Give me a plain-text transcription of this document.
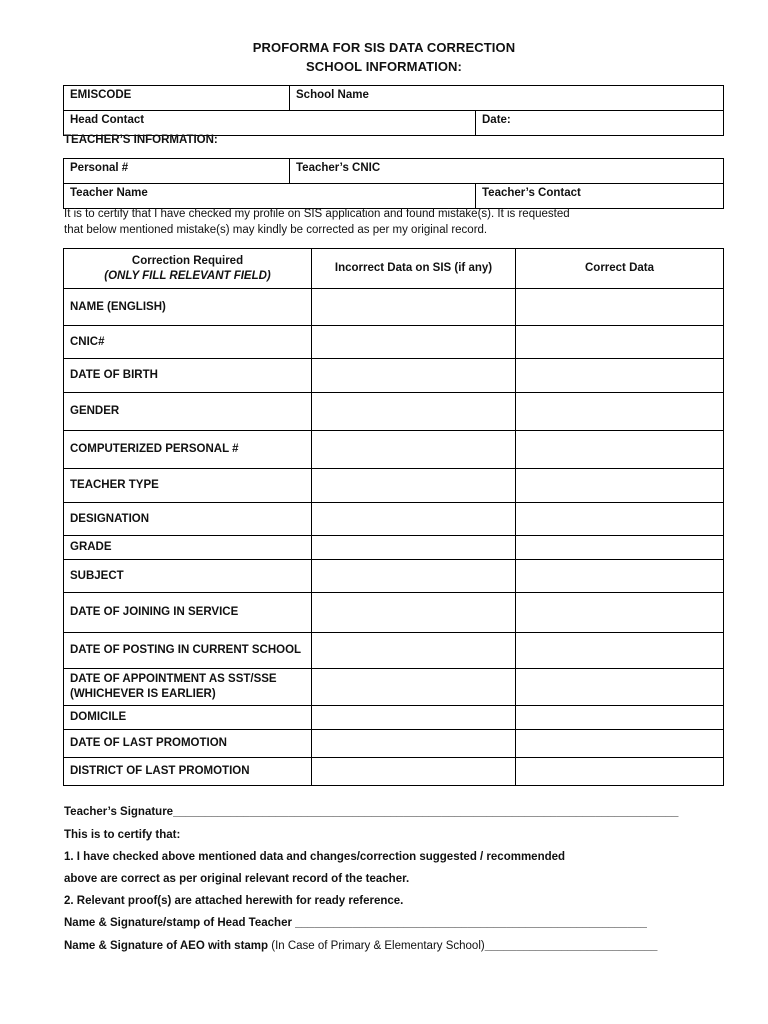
PROFORMA FOR SIS DATA CORRECTION
SCHOOL INFORMATION:
EMISCODE	School Name	
Head Contact		Date:
TEACHER’S INFORMATION:
Personal #	Teacher’s CNIC	
Teacher Name		Teacher’s Contact
It is to certify that I have checked my profile on SIS application and found mistake(s). It is requested
that below mentioned mistake(s) may kindly be corrected as per my original record.
Correction Required
(ONLY FILL RELEVANT FIELD)	Incorrect Data on SIS (if any)	Correct Data
NAME (ENGLISH)		
CNIC#		
DATE OF BIRTH		
GENDER		
COMPUTERIZED PERSONAL #		
TEACHER TYPE		
DESIGNATION		
GRADE		
SUBJECT		
DATE OF JOINING IN SERVICE		
DATE OF POSTING IN CURRENT SCHOOL		

DATE OF APPOINTMENT AS SST/SSE
(WHICHEVER IS EARLIER)		

DOMICILE		
DATE OF LAST PROMOTION		
DISTRICT OF LAST PROMOTION		
Teacher’s Signature_______________________________________________________________________________
This is to certify that:
1. I have checked above mentioned data and changes/correction suggested / recommended
above are correct as per original relevant record of the teacher.
2. Relevant proof(s) are attached herewith for ready reference.
Name & Signature/stamp of Head Teacher _______________________________________________________
Name & Signature of AEO with stamp (In Case of Primary & Elementary School)___________________________
